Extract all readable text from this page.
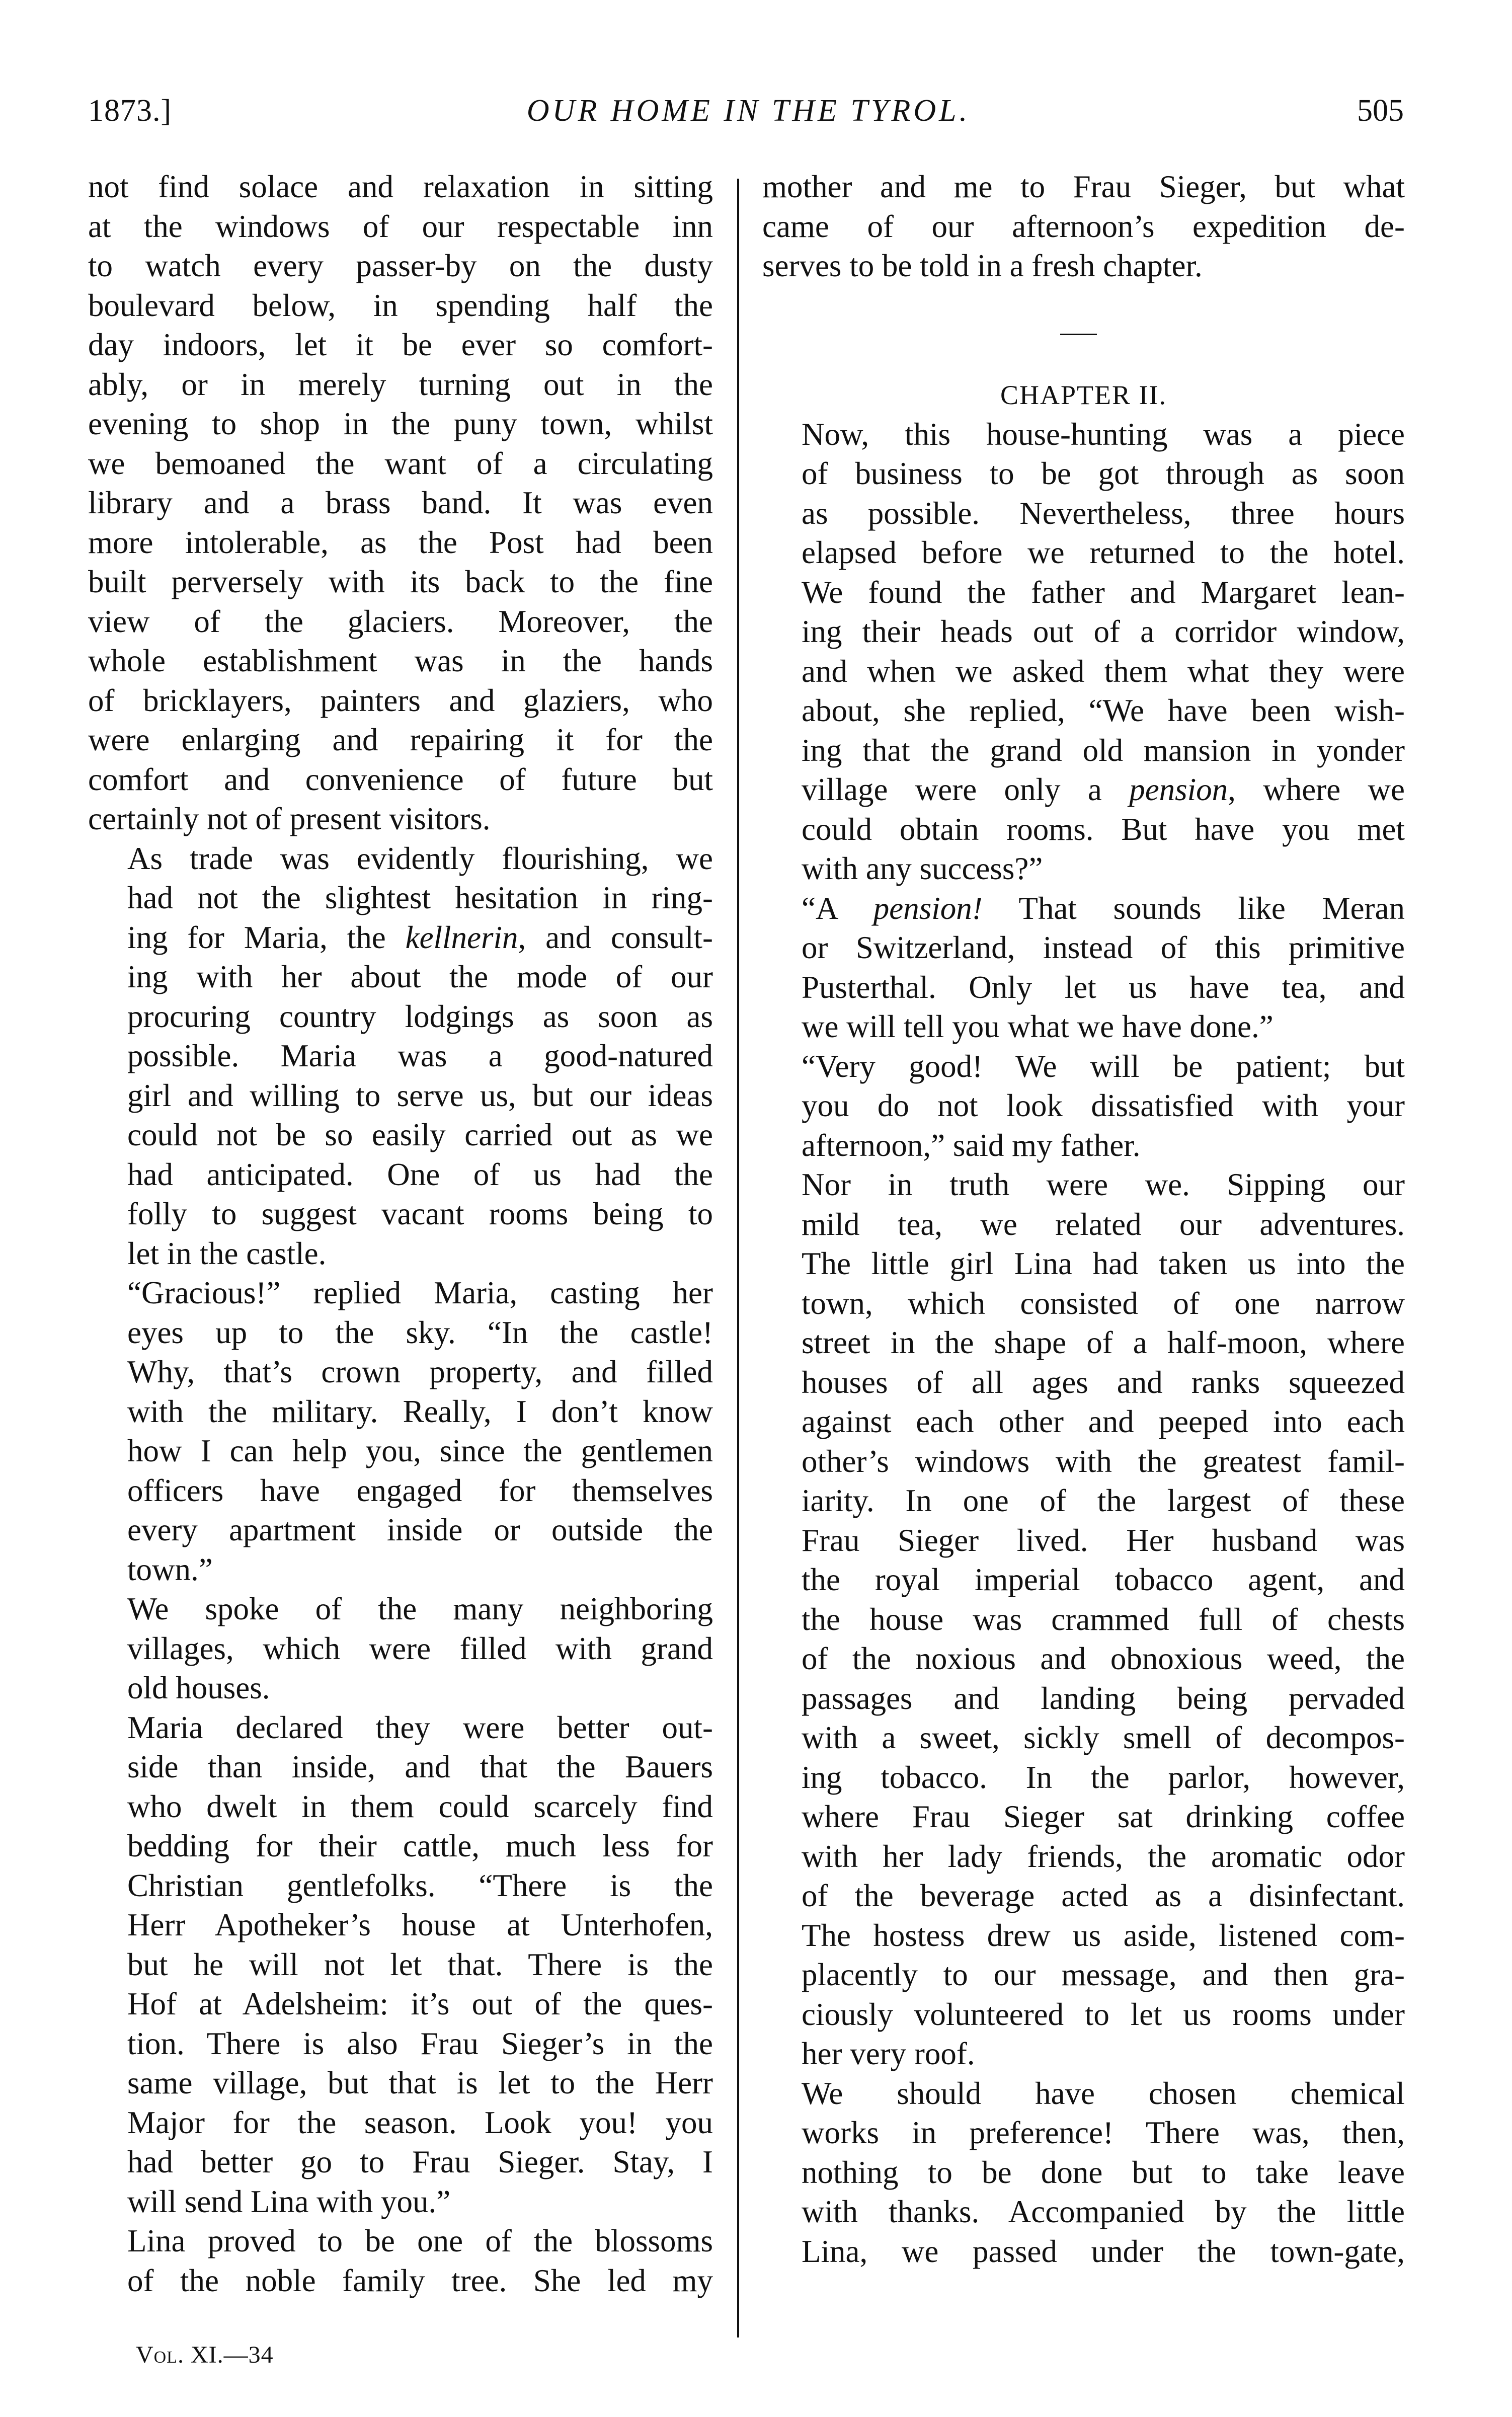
1873.]	OUR HOME IN THE TYROL.	505

not find solace and relaxation in sitting
at the windows of our respectable inn
to watch every passer-by on the dusty
boulevard below, in spending half the
day indoors, let it be ever so comfort-
ably, or in merely turning out in the
evening to shop in the puny town, whilst
we bemoaned the want of a circulating
library and a brass band. It was even
more intolerable, as the Post had been
built perversely with its back to the fine
view of the glaciers. Moreover, the
whole establishment was in the hands
of bricklayers, painters and glaziers, who
were enlarging and repairing it for the
comfort and convenience of future but
certainly not of present visitors.

As trade was evidently flourishing, we
had not the slightest hesitation in ring-
ing for Maria, the kellnerin, and consult-
ing with her about the mode of our
procuring country lodgings as soon as
possible. Maria was a good-natured
girl and willing to serve us, but our ideas
could not be so easily carried out as we
had anticipated. One of us had the
folly to suggest vacant rooms being to
let in the castle.

“Gracious!” replied Maria, casting her
eyes up to the sky. “In the castle!
Why, that’s crown property, and filled
with the military. Really, I don’t know
how I can help you, since the gentlemen
officers have engaged for themselves
every apartment inside or outside the
town.”

We spoke of the many neighboring
villages, which were filled with grand
old houses.

Maria declared they were better out-
side than inside, and that the Bauers
who dwelt in them could scarcely find
bedding for their cattle, much less for
Christian gentlefolks. “There is the
Herr Apotheker’s house at Unterhofen,
but he will not let that. There is the
Hof at Adelsheim: it’s out of the ques-
tion. There is also Frau Sieger’s in the
same village, but that is let to the Herr
Major for the season. Look you! you
had better go to Frau Sieger. Stay, I
will send Lina with you.”

Lina proved to be one of the blossoms
of the noble family tree. She led my

mother and me to Frau Sieger, but what
came of our afternoon’s expedition de-
serves to be told in a fresh chapter.

CHAPTER II.

Now, this house-hunting was a piece
of business to be got through as soon
as possible. Nevertheless, three hours
elapsed before we returned to the hotel.
We found the father and Margaret lean-
ing their heads out of a corridor window,
and when we asked them what they were
about, she replied, “We have been wish-
ing that the grand old mansion in yonder
village were only a pension, where we
could obtain rooms. But have you met
with any success?”

“A pension! That sounds like Meran
or Switzerland, instead of this primitive
Pusterthal. Only let us have tea, and
we will tell you what we have done.”

“Very good! We will be patient; but
you do not look dissatisfied with your
afternoon,” said my father.

Nor in truth were we. Sipping our
mild tea, we related our adventures.
The little girl Lina had taken us into the
town, which consisted of one narrow
street in the shape of a half-moon, where
houses of all ages and ranks squeezed
against each other and peeped into each
other’s windows with the greatest famil-
iarity. In one of the largest of these
Frau Sieger lived. Her husband was
the royal imperial tobacco agent, and
the house was crammed full of chests
of the noxious and obnoxious weed, the
passages and landing being pervaded
with a sweet, sickly smell of decompos-
ing tobacco. In the parlor, however,
where Frau Sieger sat drinking coffee
with her lady friends, the aromatic odor
of the beverage acted as a disinfectant.
The hostess drew us aside, listened com-
placently to our message, and then gra-
ciously volunteered to let us rooms under
her very roof.

We should have chosen chemical
works in preference! There was, then,
nothing to be done but to take leave
with thanks. Accompanied by the little
Lina, we passed under the town-gate,

Vol. XI.—34
